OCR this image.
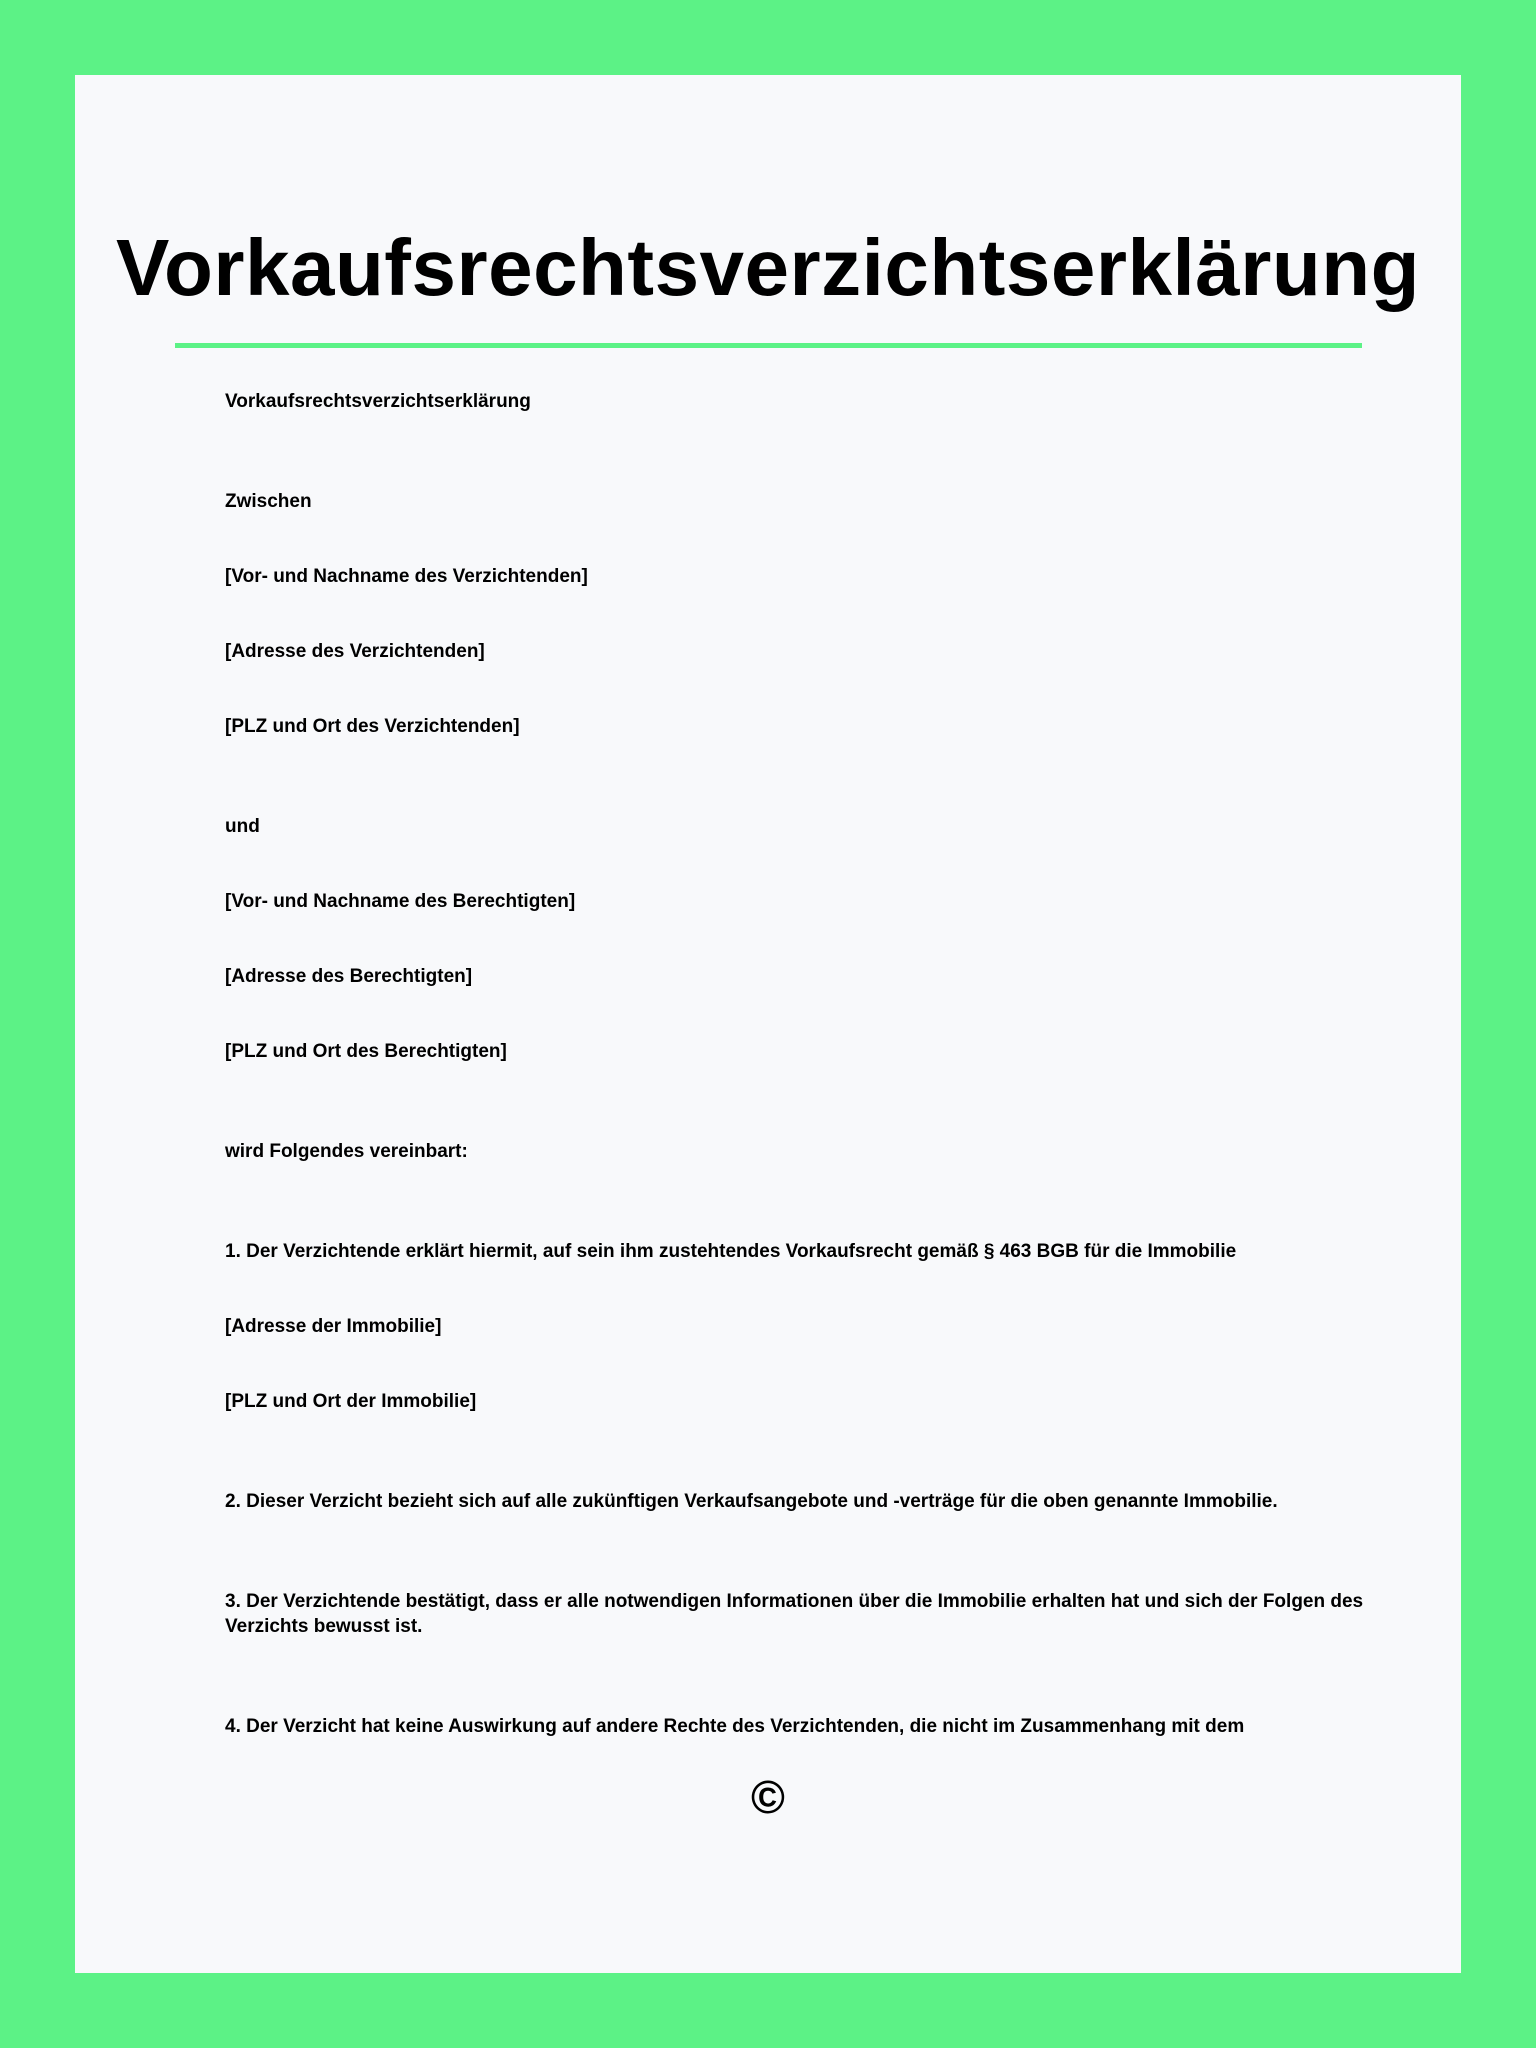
Vorkaufsrechtsverzichtserklärung

Vorkaufsrechtsverzichtserklärung

Zwischen

[Vor- und Nachname des Verzichtenden]

[Adresse des Verzichtenden]

[PLZ und Ort des Verzichtenden]

und

[Vor- und Nachname des Berechtigten]

[Adresse des Berechtigten]

[PLZ und Ort des Berechtigten]

wird Folgendes vereinbart:

1. Der Verzichtende erklärt hiermit, auf sein ihm zustehtendes Vorkaufsrecht gemäß § 463 BGB für die Immobilie

[Adresse der Immobilie]

[PLZ und Ort der Immobilie]

2. Dieser Verzicht bezieht sich auf alle zukünftigen Verkaufsangebote und -verträge für die oben genannte Immobilie.

3. Der Verzichtende bestätigt, dass er alle notwendigen Informationen über die Immobilie erhalten hat und sich der Folgen des Verzichts bewusst ist.

4. Der Verzicht hat keine Auswirkung auf andere Rechte des Verzichtenden, die nicht im Zusammenhang mit dem

©
